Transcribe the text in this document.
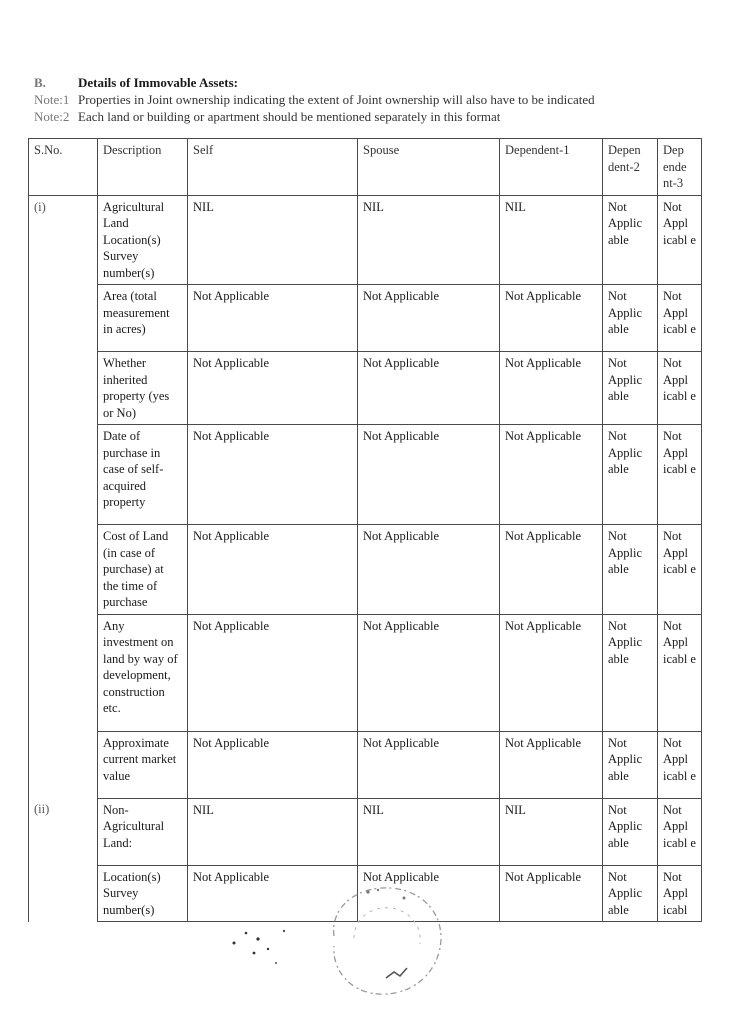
B. Details of Immovable Assets:
Note:1 Properties in Joint ownership indicating the extent of Joint ownership will also have to be indicated
Note:2 Each land or building or apartment should be mentioned separately in this format
S.No.	Description	Self	Spouse	Dependent-1	Depen dent-2	Dep ende nt-3
(i)	Agricultural Land Location(s) Survey number(s)	NIL	NIL	NIL	Not Applic able	Not Appl icabl e
	Area (total measurement in acres)	Not Applicable	Not Applicable	Not Applicable	Not Applic able	Not Appl icabl e
	Whether inherited property (yes or No)	Not Applicable	Not Applicable	Not Applicable	Not Applic able	Not Appl icabl e
	Date of purchase in case of self-acquired property	Not Applicable	Not Applicable	Not Applicable	Not Applic able	Not Appl icabl e
	Cost of Land (in case of purchase) at the time of purchase	Not Applicable	Not Applicable	Not Applicable	Not Applic able	Not Appl icabl e
	Any investment on land by way of development, construction etc.	Not Applicable	Not Applicable	Not Applicable	Not Applic able	Not Appl icabl e
	Approximate current market value	Not Applicable	Not Applicable	Not Applicable	Not Applic able	Not Appl icabl e
(ii)	Non-Agricultural Land:	NIL	NIL	NIL	Not Applic able	Not Appl icabl e
	Location(s) Survey number(s)	Not Applicable	Not Applicable	Not Applicable	Not Applic able	Not Appl icabl
